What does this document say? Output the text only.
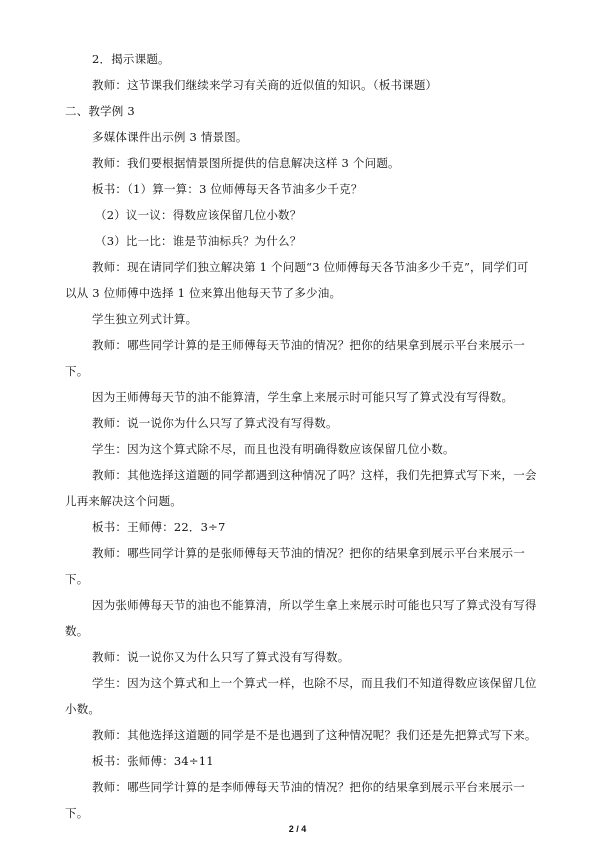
2．揭示课题。
教师：这节课我们继续来学习有关商的近似值的知识。（板书课题）
二、教学例 3
多媒体课件出示例 3 情景图。
教师：我们要根据情景图所提供的信息解决这样 3 个问题。
板书：（1）算一算：3 位师傅每天各节油多少千克？
（2）议一议：得数应该保留几位小数？
（3）比一比：谁是节油标兵？为什么？
教师：现在请同学们独立解决第 1 个问题“3 位师傅每天各节油多少千克”，同学们可
以从 3 位师傅中选择 1 位来算出他每天节了多少油。
学生独立列式计算。
教师：哪些同学计算的是王师傅每天节油的情况？把你的结果拿到展示平台来展示一
下。
因为王师傅每天节的油不能算清，学生拿上来展示时可能只写了算式没有写得数。
教师：说一说你为什么只写了算式没有写得数。
学生：因为这个算式除不尽，而且也没有明确得数应该保留几位小数。
教师：其他选择这道题的同学都遇到这种情况了吗？这样，我们先把算式写下来，一会
儿再来解决这个问题。
板书：王师傅：22．3÷7
教师：哪些同学计算的是张师傅每天节油的情况？把你的结果拿到展示平台来展示一
下。
因为张师傅每天节的油也不能算清，所以学生拿上来展示时可能也只写了算式没有写得
数。
教师：说一说你又为什么只写了算式没有写得数。
学生：因为这个算式和上一个算式一样，也除不尽，而且我们不知道得数应该保留几位
小数。
教师：其他选择这道题的同学是不是也遇到了这种情况呢？我们还是先把算式写下来。
板书：张师傅：34÷11
教师：哪些同学计算的是李师傅每天节油的情况？把你的结果拿到展示平台来展示一
下。
2 / 4
